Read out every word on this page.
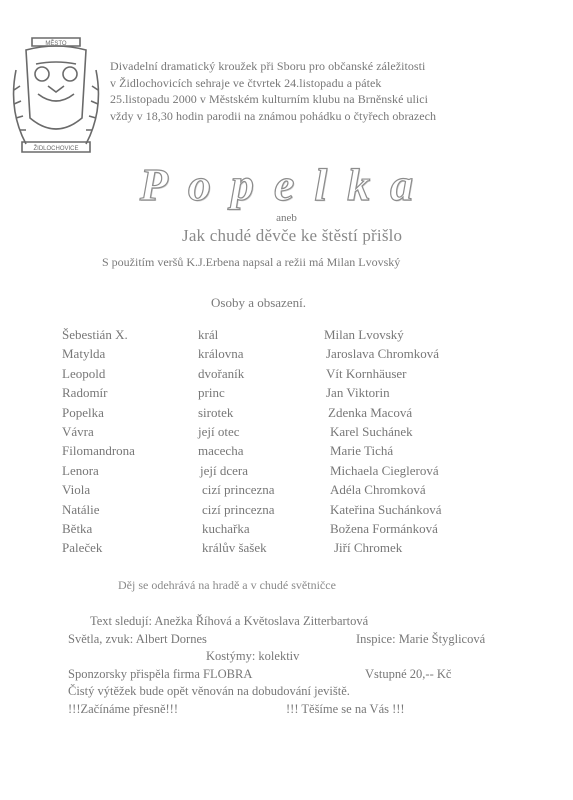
MĚSTO
ŽIDLOCHOVICE
Divadelní dramatický kroužek při Sboru pro občanské záležitosti
v Židlochovicích sehraje ve čtvrtek 24.listopadu a pátek
25.listopadu 2000 v Městském kulturním klubu na Brněnské ulici
vždy v 18,30 hodin parodii na známou pohádku o čtyřech obrazech
Popelka
aneb
Jak chudé děvče ke štěstí přišlo
S použitím veršů K.J.Erbena napsal a režii má Milan Lvovský
Osoby a obsazení.
Šebestián X.	král	Milan Lvovský
Matylda	královna	Jaroslava Chromková
Leopold	dvořaník	Vít Kornhäuser
Radomír	princ	Jan Viktorin
Popelka	sirotek	Zdenka Macová
Vávra	její otec	Karel Suchánek
Filomandrona	macecha	Marie Tichá
Lenora	její dcera	Michaela Cieglerová
Viola	cizí princezna	Adéla Chromková
Natálie	cizí princezna	Kateřina Suchánková
Bětka	kuchařka	Božena Formánková
Paleček	králův šašek	Jiří Chromek
Děj se odehrává na hradě a v chudé světničce
Text sledují: Anežka Říhová a Květoslava Zitterbartová
Světla, zvuk: Albert Dornes	Inspice: Marie Štyglicová
Kostýmy: kolektiv
Sponzorsky přispěla firma FLOBRA	Vstupné 20,-- Kč
Čistý výtěžek bude opět věnován na dobudování jeviště.
!!!Začínáme přesně!!!	!!! Těšíme se na Vás !!!
